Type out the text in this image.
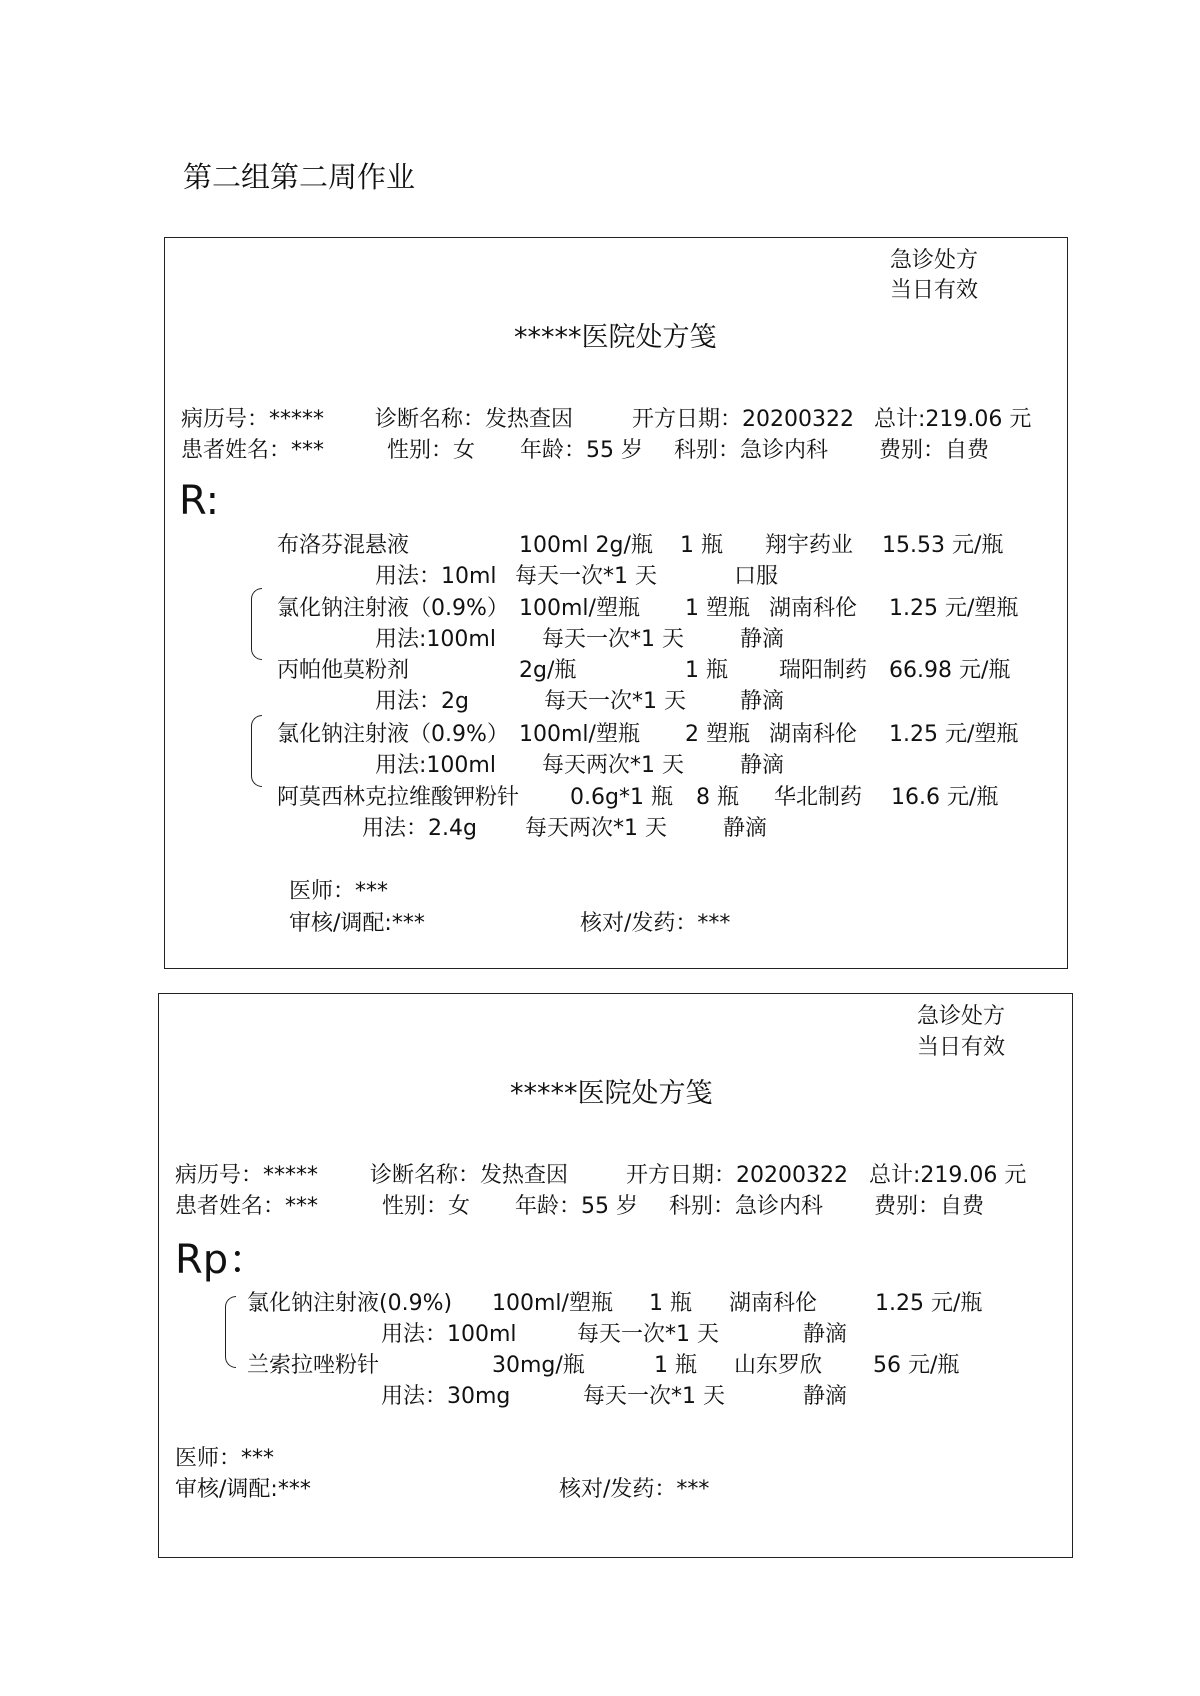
第二组第二周作业
急诊处方
当日有效
*****医院处方笺
病历号：***** 诊断名称：发热查因	开方日期：20200322 总计:219.06 元
患者姓名：***	性别：女 年龄：55 岁 科别：急诊内科 费别：自费
R:
布洛芬混悬液	100ml 2g/瓶 1 瓶 翔宇药业 15.53 元/瓶
用法：10ml 每天一次*1 天	口服
氯化钠注射液（0.9%） 100ml/塑瓶 1 塑瓶 湖南科伦 1.25 元/塑瓶
用法:100ml 每天一次*1 天	静滴
丙帕他莫粉剂	2g/瓶	1 瓶 瑞阳制药 66.98 元/瓶
用法：2g	每天一次*1 天 静滴
氯化钠注射液（0.9%） 100ml/塑瓶 2 塑瓶 湖南科伦 1.25 元/塑瓶
用法:100ml 每天两次*1 天	静滴
阿莫西林克拉维酸钾粉针 0.6g*1 瓶 8 瓶 华北制药 16.6 元/瓶
用法：2.4g 每天两次*1 天	静滴
医师：***
审核/调配:***	核对/发药：***
急诊处方
当日有效
*****医院处方笺
病历号：***** 诊断名称：发热查因	开方日期：20200322 总计:219.06 元
患者姓名：***	性别：女 年龄：55 岁 科别：急诊内科 费别：自费
Rp：
氯化钠注射液(0.9%) 100ml/塑瓶 1 瓶 湖南科伦	1.25 元/瓶
用法：100ml	每天一次*1 天	静滴
兰索拉唑粉针	30mg/瓶	1 瓶 山东罗欣 56 元/瓶
用法：30mg	每天一次*1 天	静滴
医师：***
审核/调配:***	核对/发药：***
